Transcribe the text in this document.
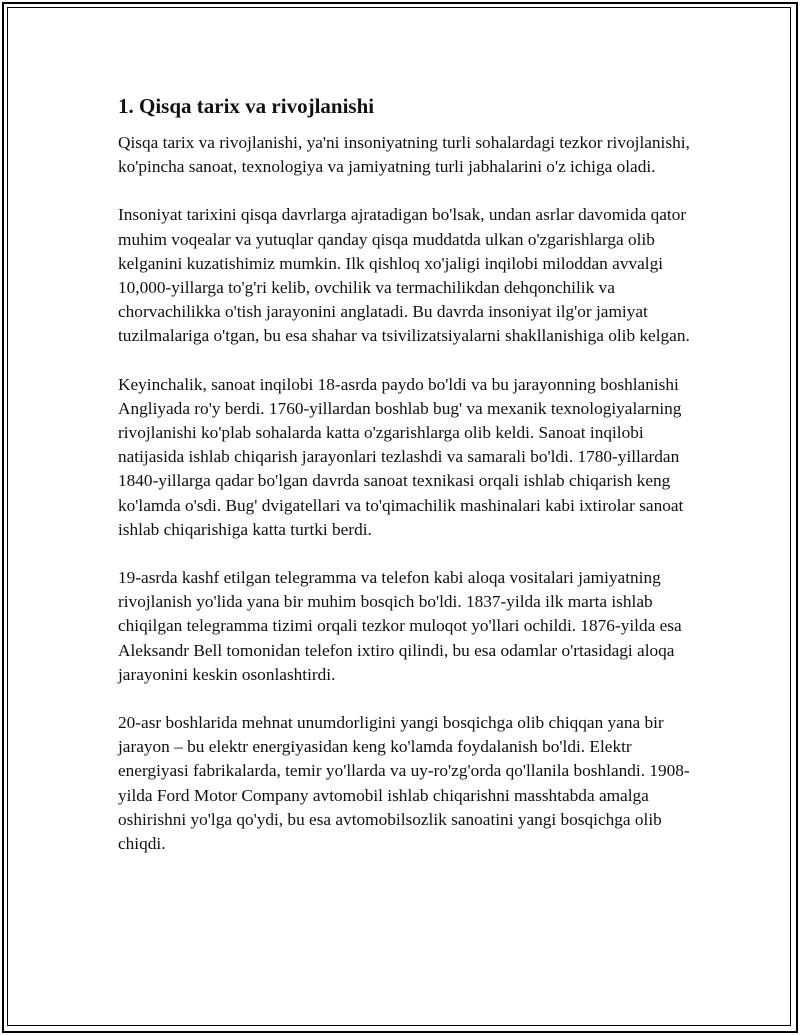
1. Qisqa tarix va rivojlanishi

Qisqa tarix va rivojlanishi, ya'ni insoniyatning turli sohalardagi tezkor rivojlanishi, ko'pincha sanoat, texnologiya va jamiyatning turli jabhalarini o'z ichiga oladi.

Insoniyat tarixini qisqa davrlarga ajratadigan bo'lsak, undan asrlar davomida qator muhim voqealar va yutuqlar qanday qisqa muddatda ulkan o'zgarishlarga olib kelganini kuzatishimiz mumkin. Ilk qishloq xo'jaligi inqilobi miloddan avvalgi 10,000-yillarga to'g'ri kelib, ovchilik va termachilikdan dehqonchilik va chorvachilikka o'tish jarayonini anglatadi. Bu davrda insoniyat ilg'or jamiyat tuzilmalariga o'tgan, bu esa shahar va tsivilizatsiyalarni shakllanishiga olib kelgan.

Keyinchalik, sanoat inqilobi 18-asrda paydo bo'ldi va bu jarayonning boshlanishi Angliyada ro'y berdi. 1760-yillardan boshlab bug' va mexanik texnologiyalarning rivojlanishi ko'plab sohalarda katta o'zgarishlarga olib keldi. Sanoat inqilobi natijasida ishlab chiqarish jarayonlari tezlashdi va samarali bo'ldi. 1780-yillardan 1840-yillarga qadar bo'lgan davrda sanoat texnikasi orqali ishlab chiqarish keng ko'lamda o'sdi. Bug' dvigatellari va to'qimachilik mashinalari kabi ixtirolar sanoat ishlab chiqarishiga katta turtki berdi.

19-asrda kashf etilgan telegramma va telefon kabi aloqa vositalari jamiyatning rivojlanish yo'lida yana bir muhim bosqich bo'ldi. 1837-yilda ilk marta ishlab chiqilgan telegramma tizimi orqali tezkor muloqot yo'llari ochildi. 1876-yilda esa Aleksandr Bell tomonidan telefon ixtiro qilindi, bu esa odamlar o'rtasidagi aloqa jarayonini keskin osonlashtirdi.

20-asr boshlarida mehnat unumdorligini yangi bosqichga olib chiqqan yana bir jarayon – bu elektr energiyasidan keng ko'lamda foydalanish bo'ldi. Elektr energiyasi fabrikalarda, temir yo'llarda va uy-ro'zg'orda qo'llanila boshlandi. 1908-yilda Ford Motor Company avtomobil ishlab chiqarishni masshtabda amalga oshirishni yo'lga qo'ydi, bu esa avtomobilsozlik sanoatini yangi bosqichga olib chiqdi.
